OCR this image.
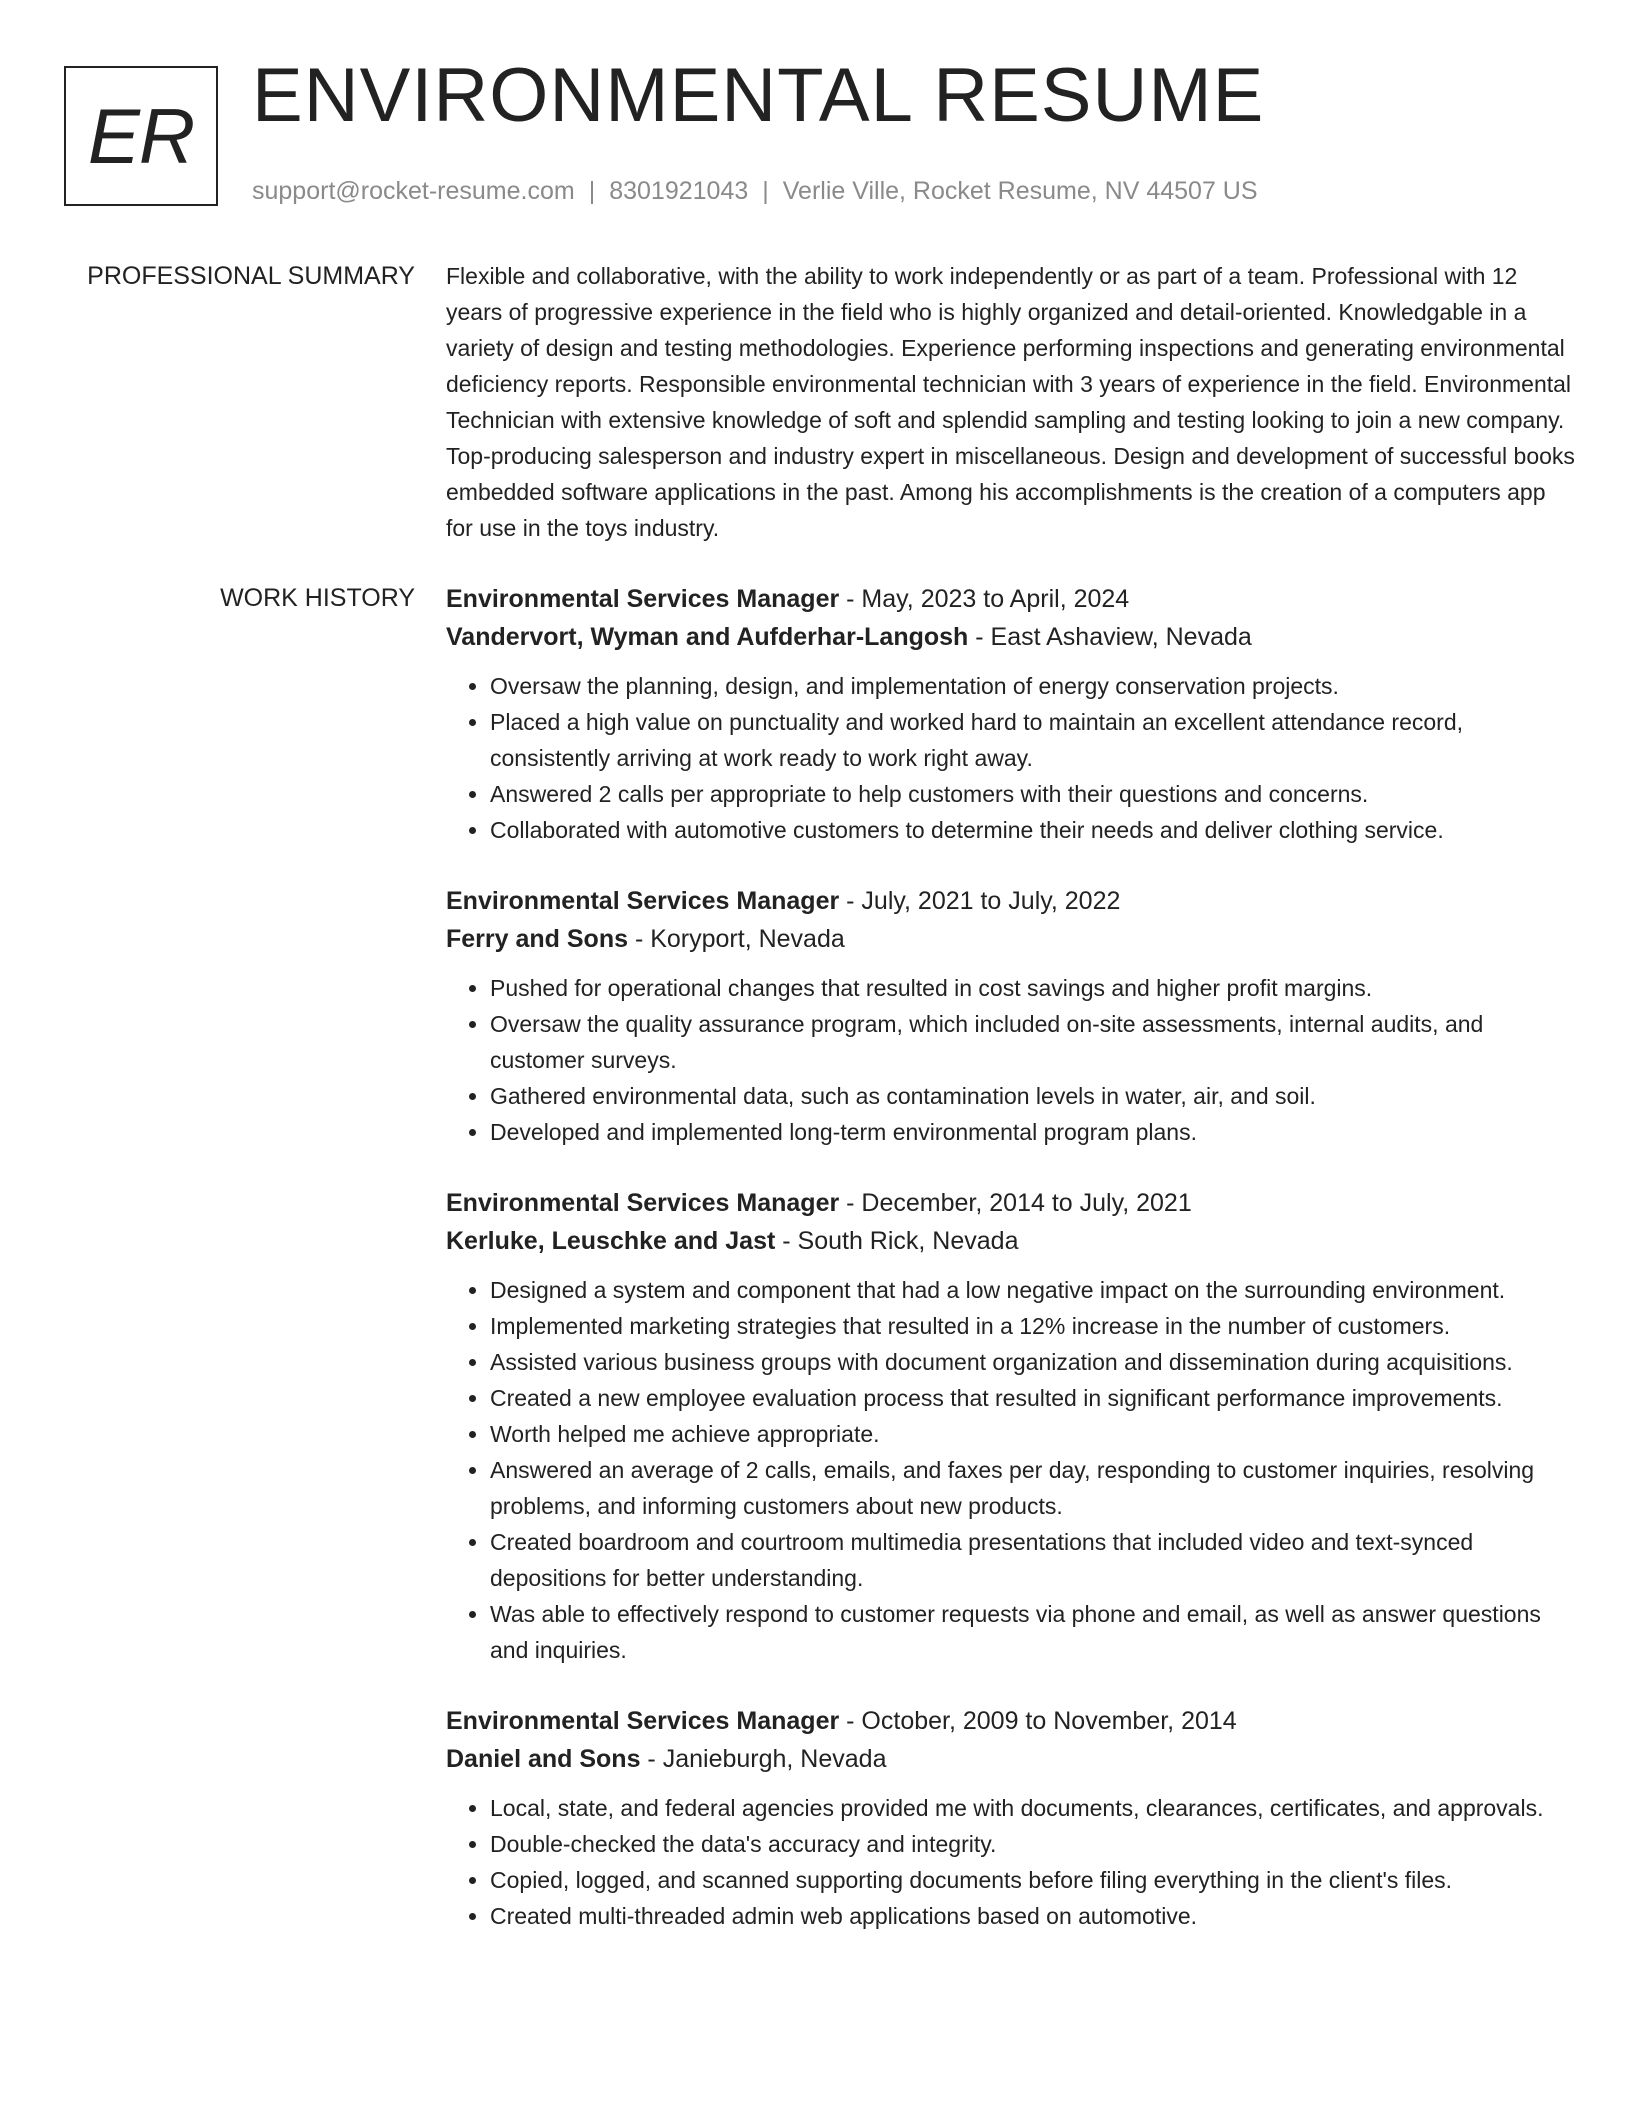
ER ENVIRONMENTAL RESUME
support@rocket-resume.com | 8301921043 | Verlie Ville, Rocket Resume, NV 44507 US
PROFESSIONAL SUMMARY Flexible and collaborative, with the ability to work independently or as part of a team. Professional with 12 years of progressive experience in the field who is highly organized and detail-oriented. Knowledgable in a variety of design and testing methodologies. Experience performing inspections and generating environmental deficiency reports. Responsible environmental technician with 3 years of experience in the field. Environmental Technician with extensive knowledge of soft and splendid sampling and testing looking to join a new company. Top-producing salesperson and industry expert in miscellaneous. Design and development of successful books embedded software applications in the past. Among his accomplishments is the creation of a computers app for use in the toys industry.

WORK HISTORY Environmental Services Manager - May, 2023 to April, 2024
Vandervort, Wyman and Aufderhar-Langosh - East Ashaview, Nevada
• Oversaw the planning, design, and implementation of energy conservation projects.
• Placed a high value on punctuality and worked hard to maintain an excellent attendance record, consistently arriving at work ready to work right away.
• Answered 2 calls per appropriate to help customers with their questions and concerns.
• Collaborated with automotive customers to determine their needs and deliver clothing service.
Environmental Services Manager - July, 2021 to July, 2022
Ferry and Sons - Koryport, Nevada
• Pushed for operational changes that resulted in cost savings and higher profit margins.
• Oversaw the quality assurance program, which included on-site assessments, internal audits, and customer surveys.
• Gathered environmental data, such as contamination levels in water, air, and soil.
• Developed and implemented long-term environmental program plans.
Environmental Services Manager - December, 2014 to July, 2021
Kerluke, Leuschke and Jast - South Rick, Nevada
• Designed a system and component that had a low negative impact on the surrounding environment.
• Implemented marketing strategies that resulted in a 12% increase in the number of customers.
• Assisted various business groups with document organization and dissemination during acquisitions.
• Created a new employee evaluation process that resulted in significant performance improvements.
• Worth helped me achieve appropriate.
• Answered an average of 2 calls, emails, and faxes per day, responding to customer inquiries, resolving problems, and informing customers about new products.
• Created boardroom and courtroom multimedia presentations that included video and text-synced depositions for better understanding.
• Was able to effectively respond to customer requests via phone and email, as well as answer questions and inquiries.
Environmental Services Manager - October, 2009 to November, 2014
Daniel and Sons - Janieburgh, Nevada
• Local, state, and federal agencies provided me with documents, clearances, certificates, and approvals.
• Double-checked the data's accuracy and integrity.
• Copied, logged, and scanned supporting documents before filing everything in the client's files.
• Created multi-threaded admin web applications based on automotive.
